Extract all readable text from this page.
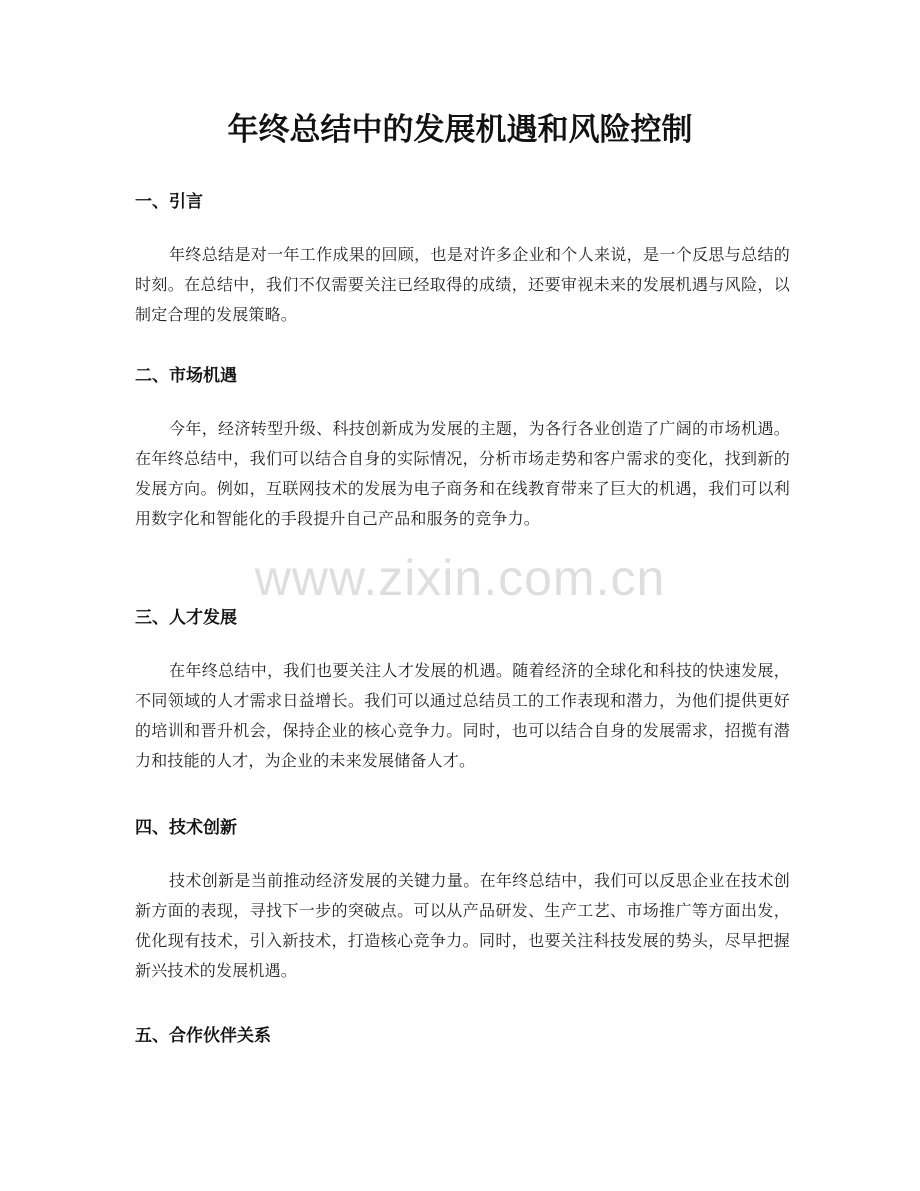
年终总结中的发展机遇和风险控制
一、引言

年终总结是对一年工作成果的回顾，也是对许多企业和个人来说，是一个反思与总结的时刻。在总结中，我们不仅需要关注已经取得的成绩，还要审视未来的发展机遇与风险，以制定合理的发展策略。

二、市场机遇

今年，经济转型升级、科技创新成为发展的主题，为各行各业创造了广阔的市场机遇。在年终总结中，我们可以结合自身的实际情况，分析市场走势和客户需求的变化，找到新的发展方向。例如，互联网技术的发展为电子商务和在线教育带来了巨大的机遇，我们可以利用数字化和智能化的手段提升自己产品和服务的竞争力。

三、人才发展

在年终总结中，我们也要关注人才发展的机遇。随着经济的全球化和科技的快速发展，不同领域的人才需求日益增长。我们可以通过总结员工的工作表现和潜力，为他们提供更好的培训和晋升机会，保持企业的核心竞争力。同时，也可以结合自身的发展需求，招揽有潜力和技能的人才，为企业的未来发展储备人才。

四、技术创新

技术创新是当前推动经济发展的关键力量。在年终总结中，我们可以反思企业在技术创新方面的表现，寻找下一步的突破点。可以从产品研发、生产工艺、市场推广等方面出发，优化现有技术，引入新技术，打造核心竞争力。同时，也要关注科技发展的势头，尽早把握新兴技术的发展机遇。

五、合作伙伴关系
www.zixin.com.cn
